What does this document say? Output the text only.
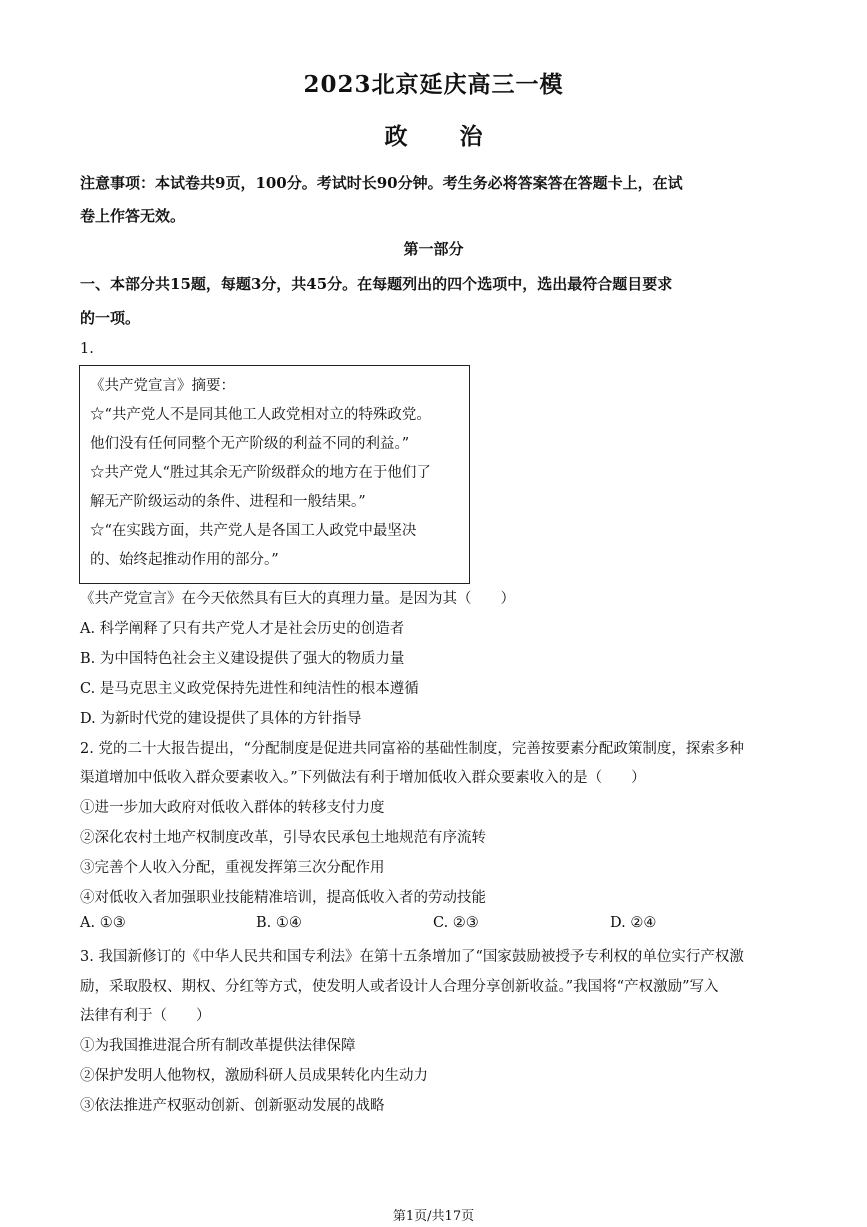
2023北京延庆高三一模
政 治
注意事项：本试卷共9页，100分。考试时长90分钟。考生务必将答案答在答题卡上，在试
卷上作答无效。
第一部分
一、本部分共15题，每题3分，共45分。在每题列出的四个选项中，选出最符合题目要求
的一项。
1.
《共产党宣言》摘要：
☆“共产党人不是同其他工人政党相对立的特殊政党。
他们没有任何同整个无产阶级的利益不同的利益。”
☆共产党人“胜过其余无产阶级群众的地方在于他们了
解无产阶级运动的条件、进程和一般结果。”
☆“在实践方面，共产党人是各国工人政党中最坚决
的、始终起推动作用的部分。”
《共产党宣言》在今天依然具有巨大的真理力量。是因为其（　　）
A. 科学阐释了只有共产党人才是社会历史的创造者
B. 为中国特色社会主义建设提供了强大的物质力量
C. 是马克思主义政党保持先进性和纯洁性的根本遵循
D. 为新时代党的建设提供了具体的方针指导
2. 党的二十大报告提出，“分配制度是促进共同富裕的基础性制度，完善按要素分配政策制度，探索多种
渠道增加中低收入群众要素收入。”下列做法有利于增加低收入群众要素收入的是（　　）
①进一步加大政府对低收入群体的转移支付力度
②深化农村土地产权制度改革，引导农民承包土地规范有序流转
③完善个人收入分配，重视发挥第三次分配作用
④对低收入者加强职业技能精准培训，提高低收入者的劳动技能
A. ①③	B. ①④	C. ②③	D. ②④
3. 我国新修订的《中华人民共和国专利法》在第十五条增加了“国家鼓励被授予专利权的单位实行产权激
励，采取股权、期权、分红等方式，使发明人或者设计人合理分享创新收益。”我国将“产权激励”写入
法律有利于（　　）
①为我国推进混合所有制改革提供法律保障
②保护发明人他物权，激励科研人员成果转化内生动力
③依法推进产权驱动创新、创新驱动发展的战略
第1页/共17页
